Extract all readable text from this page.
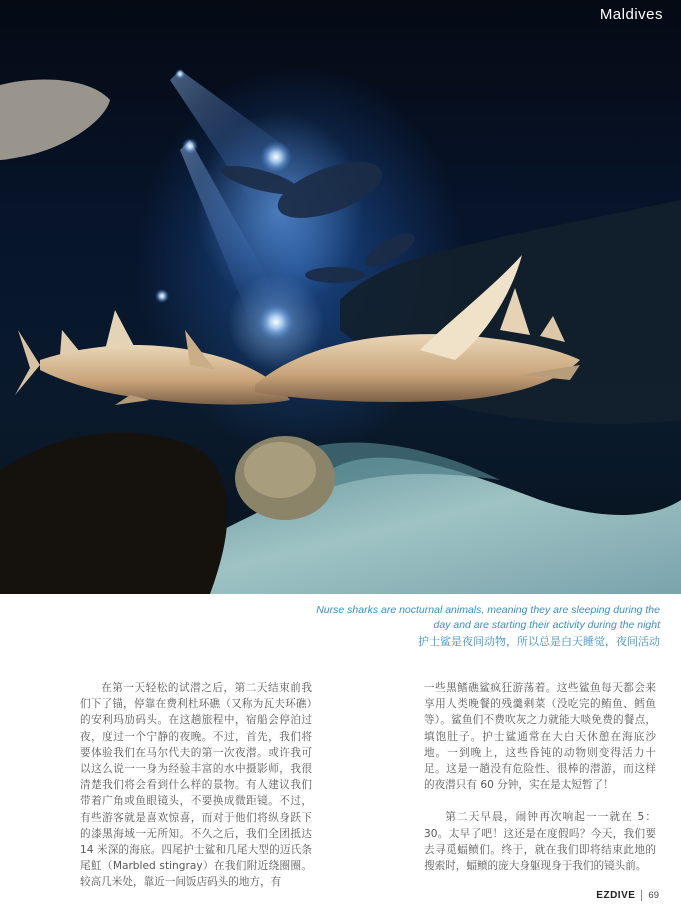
Maldives
Nurse sharks are nocturnal animals, meaning they are sleeping during the day and are starting their activity during the night
护士鲨是夜间动物，所以总是白天睡觉，夜间活动

在第一天轻松的试潜之后，第二天结束前我们下了锚，停靠在费利杜环礁（又称为瓦夫环礁）的安利玛劢码头。在这趟旅程中，宿船会停泊过夜，度过一个宁静的夜晚。不过，首先，我们将要体验我们在马尔代夫的第一次夜潜。或许我可以这么说一一身为经验丰富的水中摄影师，我很清楚我们将会看到什么样的景物。有人建议我们带着广角或鱼眼镜头，不要换成微距镜。不过，有些游客就是喜欢惊喜，而对于他们将纵身跃下的漆黑海域一无所知。不久之后，我们全团抵达 14 米深的海底。四尾护士鲨和几尾大型的迈氏条尾魟（Marbled stingray）在我们附近绕圈圈。较高几米处，靠近一间饭店码头的地方，有

一些黑鳍礁鲨疯狂游荡着。这些鲨鱼每天都会来享用人类晚餐的残羹剩菜（没吃完的鲔鱼、鳕鱼等）。鲨鱼们不费吹灰之力就能大啖免费的餐点，填饱肚子。护士鲨通常在大白天休憩在海底沙地。一到晚上，这些昏钝的动物则变得活力十足。这是一趟没有危险性、很棒的潜游，而这样的夜潜只有 60 分钟，实在是太短暂了！

第二天早晨，闹钟再次响起一一就在 5：30。太早了吧！这还是在度假吗？今天，我们要去寻觅蝠鲼们。终于，就在我们即将结束此地的搜索时，蝠鲼的庞大身躯现身于我们的镜头前。

EZDIVE 69
